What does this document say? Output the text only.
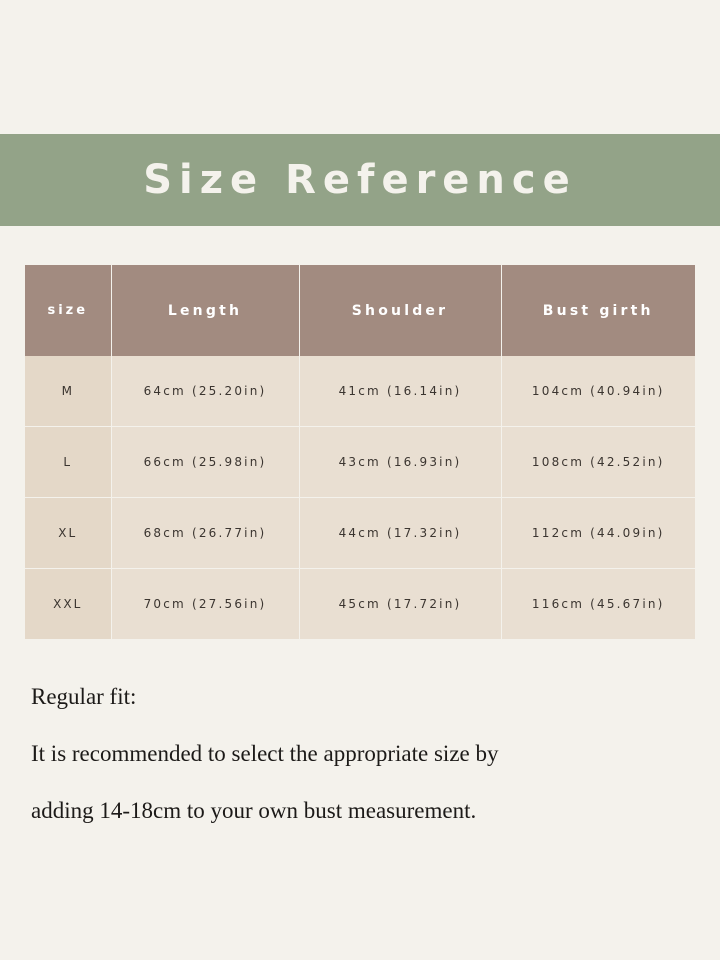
Size Reference
size	Length	Shoulder	Bust girth
M	64cm (25.20in)	41cm (16.14in)	104cm (40.94in)
L	66cm (25.98in)	43cm (16.93in)	108cm (42.52in)
XL	68cm (26.77in)	44cm (17.32in)	112cm (44.09in)
XXL	70cm (27.56in)	45cm (17.72in)	116cm (45.67in)
Regular fit:
It is recommended to select the appropriate size by
adding 14-18cm to your own bust measurement.
